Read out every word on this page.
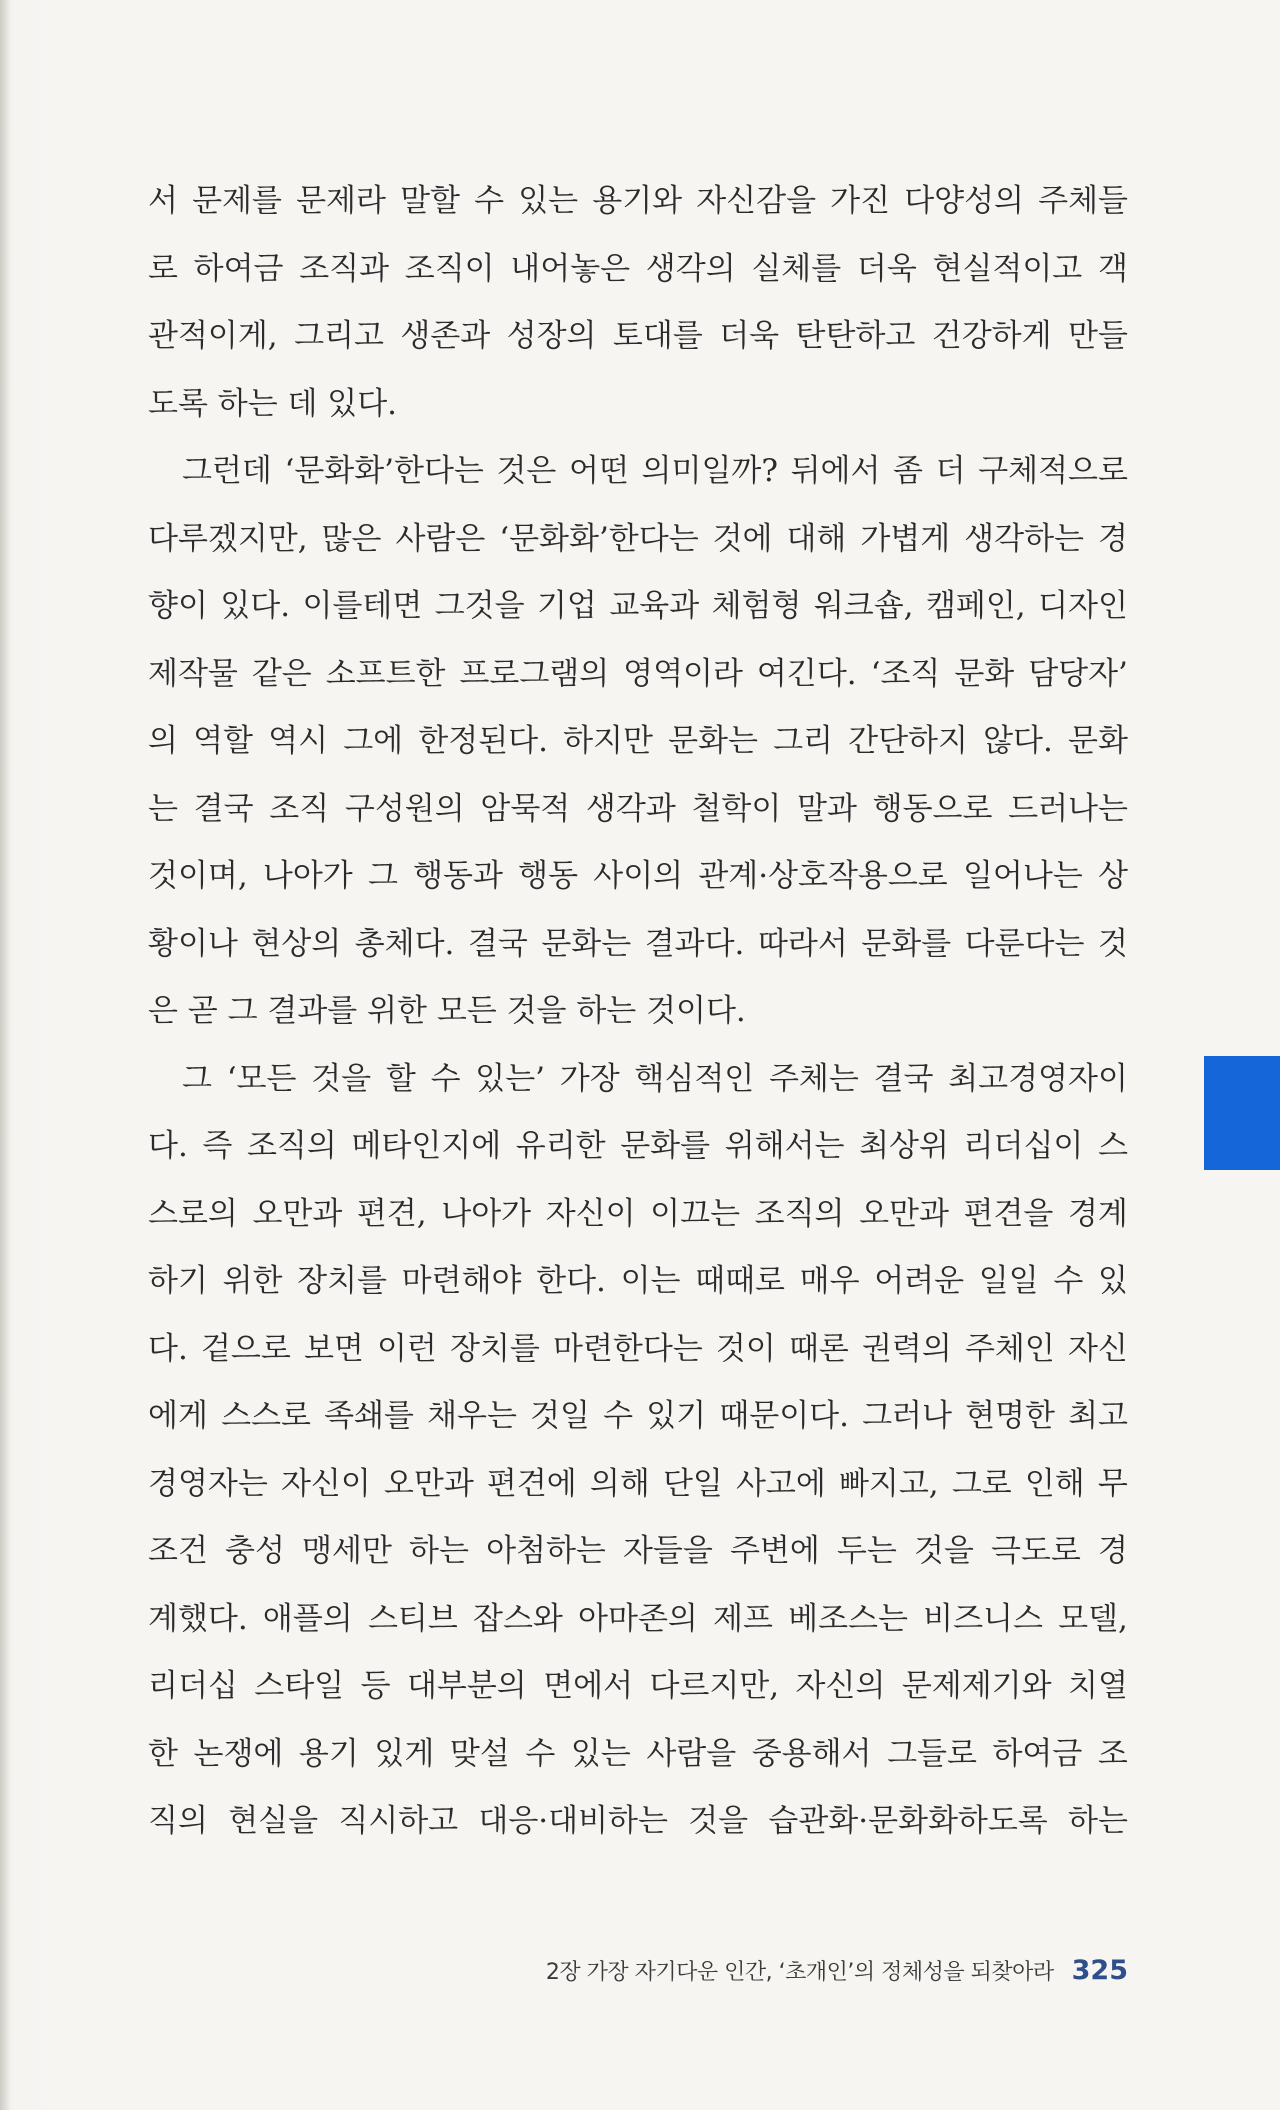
서 문제를 문제라 말할 수 있는 용기와 자신감을 가진 다양성의 주체들
로 하여금 조직과 조직이 내어놓은 생각의 실체를 더욱 현실적이고 객
관적이게, 그리고 생존과 성장의 토대를 더욱 탄탄하고 건강하게 만들
도록 하는 데 있다.
그런데 ‘문화화’한다는 것은 어떤 의미일까? 뒤에서 좀 더 구체적으로
다루겠지만, 많은 사람은 ‘문화화’한다는 것에 대해 가볍게 생각하는 경
향이 있다. 이를테면 그것을 기업 교육과 체험형 워크숍, 캠페인, 디자인
제작물 같은 소프트한 프로그램의 영역이라 여긴다. ‘조직 문화 담당자’
의 역할 역시 그에 한정된다. 하지만 문화는 그리 간단하지 않다. 문화
는 결국 조직 구성원의 암묵적 생각과 철학이 말과 행동으로 드러나는
것이며, 나아가 그 행동과 행동 사이의 관계·상호작용으로 일어나는 상
황이나 현상의 총체다. 결국 문화는 결과다. 따라서 문화를 다룬다는 것
은 곧 그 결과를 위한 모든 것을 하는 것이다.
그 ‘모든 것을 할 수 있는’ 가장 핵심적인 주체는 결국 최고경영자이
다. 즉 조직의 메타인지에 유리한 문화를 위해서는 최상위 리더십이 스
스로의 오만과 편견, 나아가 자신이 이끄는 조직의 오만과 편견을 경계
하기 위한 장치를 마련해야 한다. 이는 때때로 매우 어려운 일일 수 있
다. 겉으로 보면 이런 장치를 마련한다는 것이 때론 권력의 주체인 자신
에게 스스로 족쇄를 채우는 것일 수 있기 때문이다. 그러나 현명한 최고
경영자는 자신이 오만과 편견에 의해 단일 사고에 빠지고, 그로 인해 무
조건 충성 맹세만 하는 아첨하는 자들을 주변에 두는 것을 극도로 경
계했다. 애플의 스티브 잡스와 아마존의 제프 베조스는 비즈니스 모델,
리더십 스타일 등 대부분의 면에서 다르지만, 자신의 문제제기와 치열
한 논쟁에 용기 있게 맞설 수 있는 사람을 중용해서 그들로 하여금 조
직의 현실을 직시하고 대응·대비하는 것을 습관화·문화화하도록 하는
2장 가장 자기다운 인간, ‘초개인’의 정체성을 되찾아라 325
